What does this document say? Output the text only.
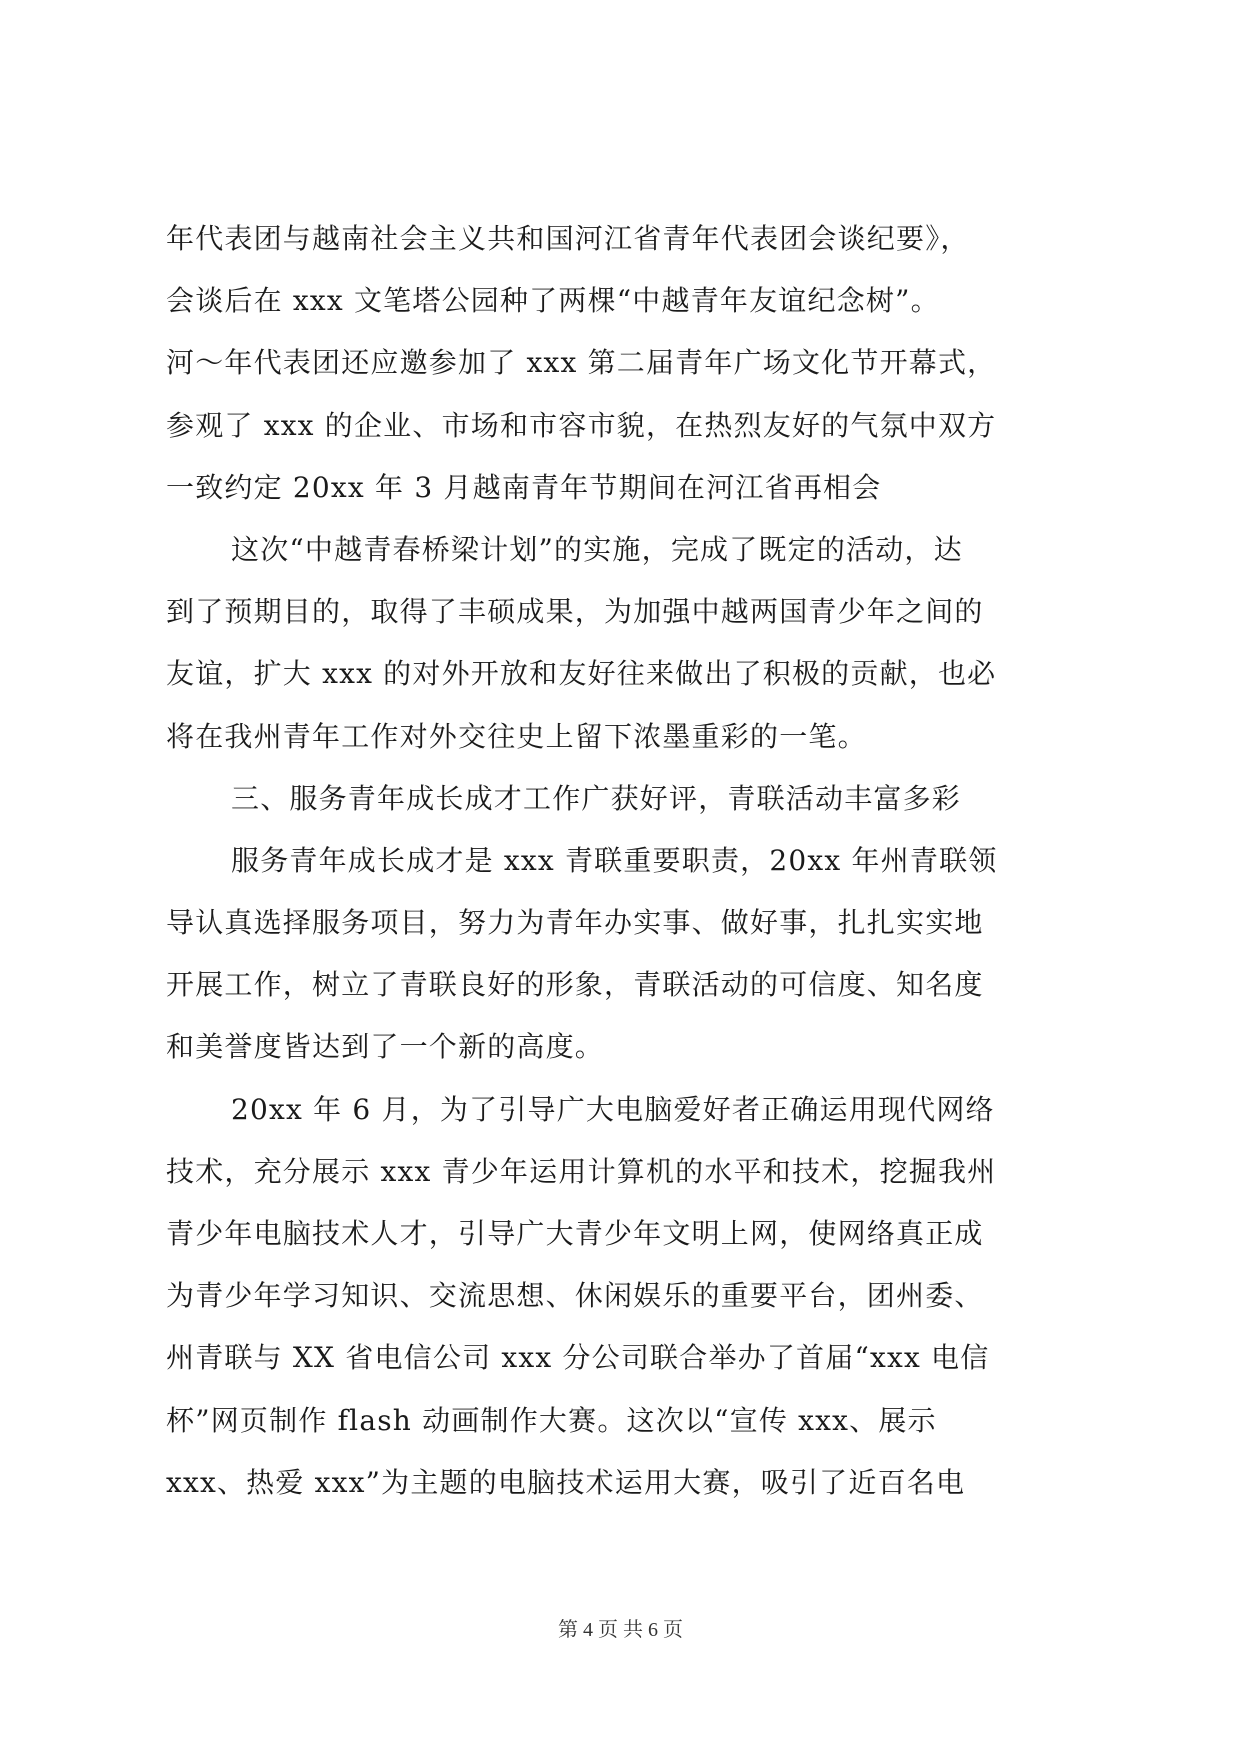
年代表团与越南社会主义共和国河江省青年代表团会谈纪要》，
会谈后在 xxx 文笔塔公园种了两棵“中越青年友谊纪念树”。
河～年代表团还应邀参加了 xxx 第二届青年广场文化节开幕式，
参观了 xxx 的企业、市场和市容市貌，在热烈友好的气氛中双方
一致约定 20xx 年 3 月越南青年节期间在河江省再相会
这次“中越青春桥梁计划”的实施，完成了既定的活动，达
到了预期目的，取得了丰硕成果，为加强中越两国青少年之间的
友谊，扩大 xxx 的对外开放和友好往来做出了积极的贡献，也必
将在我州青年工作对外交往史上留下浓墨重彩的一笔。
三、服务青年成长成才工作广获好评，青联活动丰富多彩
服务青年成长成才是 xxx 青联重要职责，20xx 年州青联领
导认真选择服务项目，努力为青年办实事、做好事，扎扎实实地
开展工作，树立了青联良好的形象，青联活动的可信度、知名度
和美誉度皆达到了一个新的高度。
20xx 年 6 月，为了引导广大电脑爱好者正确运用现代网络
技术，充分展示 xxx 青少年运用计算机的水平和技术，挖掘我州
青少年电脑技术人才，引导广大青少年文明上网，使网络真正成
为青少年学习知识、交流思想、休闲娱乐的重要平台，团州委、
州青联与 XX 省电信公司 xxx 分公司联合举办了首届“xxx 电信
杯”网页制作 flash 动画制作大赛。这次以“宣传 xxx、展示
xxx、热爱 xxx”为主题的电脑技术运用大赛，吸引了近百名电
第 4 页 共 6 页
